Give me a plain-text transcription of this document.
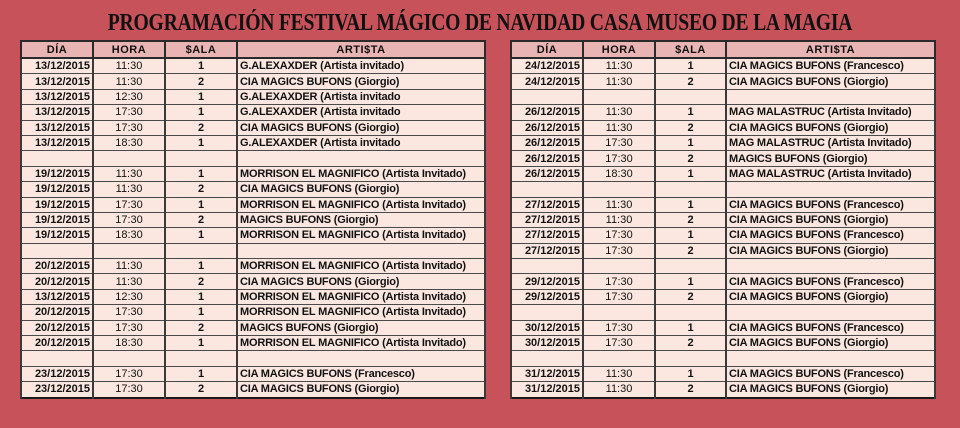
PROGRAMACIÓN FESTIVAL MÁGICO DE NAVIDAD CASA MUSEO DE LA MAGIA
DÍA	HORA	$ALA	ARTI$TA
13/12/2015	11:30	1	G.ALEXAXDER (Artista invitado)
13/12/2015	11:30	2	CIA MAGICS BUFONS (Giorgio)
13/12/2015	12:30	1	G.ALEXAXDER (Artista invitado
13/12/2015	17:30	1	G.ALEXAXDER (Artista invitado
13/12/2015	17:30	2	CIA MAGICS BUFONS (Giorgio)
13/12/2015	18:30	1	G.ALEXAXDER (Artista invitado

19/12/2015	11:30	1	MORRISON EL MAGNIFICO (Artista Invitado)
19/12/2015	11:30	2	CIA MAGICS BUFONS (Giorgio)
19/12/2015	17:30	1	MORRISON EL MAGNIFICO (Artista Invitado)
19/12/2015	17:30	2	MAGICS BUFONS (Giorgio)
19/12/2015	18:30	1	MORRISON EL MAGNIFICO (Artista Invitado)

20/12/2015	11:30	1	MORRISON EL MAGNIFICO (Artista Invitado)
20/12/2015	11:30	2	CIA MAGICS BUFONS (Giorgio)
13/12/2015	12:30	1	MORRISON EL MAGNIFICO (Artista Invitado)
20/12/2015	17:30	1	MORRISON EL MAGNIFICO (Artista Invitado)
20/12/2015	17:30	2	MAGICS BUFONS (Giorgio)
20/12/2015	18:30	1	MORRISON EL MAGNIFICO (Artista Invitado)

23/12/2015	17:30	1	CIA MAGICS BUFONS (Francesco)
23/12/2015	17:30	2	CIA MAGICS BUFONS (Giorgio)
DÍA	HORA	$ALA	ARTI$TA
24/12/2015	11:30	1	CIA MAGICS BUFONS (Francesco)
24/12/2015	11:30	2	CIA MAGICS BUFONS (Giorgio)

26/12/2015	11:30	1	MAG MALASTRUC (Artista Invitado)
26/12/2015	11:30	2	CIA MAGICS BUFONS (Giorgio)
26/12/2015	17:30	1	MAG MALASTRUC (Artista Invitado)
26/12/2015	17:30	2	MAGICS BUFONS (Giorgio)
26/12/2015	18:30	1	MAG MALASTRUC (Artista Invitado)

27/12/2015	11:30	1	CIA MAGICS BUFONS (Francesco)
27/12/2015	11:30	2	CIA MAGICS BUFONS (Giorgio)
27/12/2015	17:30	1	CIA MAGICS BUFONS (Francesco)
27/12/2015	17:30	2	CIA MAGICS BUFONS (Giorgio)

29/12/2015	17:30	1	CIA MAGICS BUFONS (Francesco)
29/12/2015	17:30	2	CIA MAGICS BUFONS (Giorgio)

30/12/2015	17:30	1	CIA MAGICS BUFONS (Francesco)
30/12/2015	17:30	2	CIA MAGICS BUFONS (Giorgio)

31/12/2015	11:30	1	CIA MAGICS BUFONS (Francesco)
31/12/2015	11:30	2	CIA MAGICS BUFONS (Giorgio)
